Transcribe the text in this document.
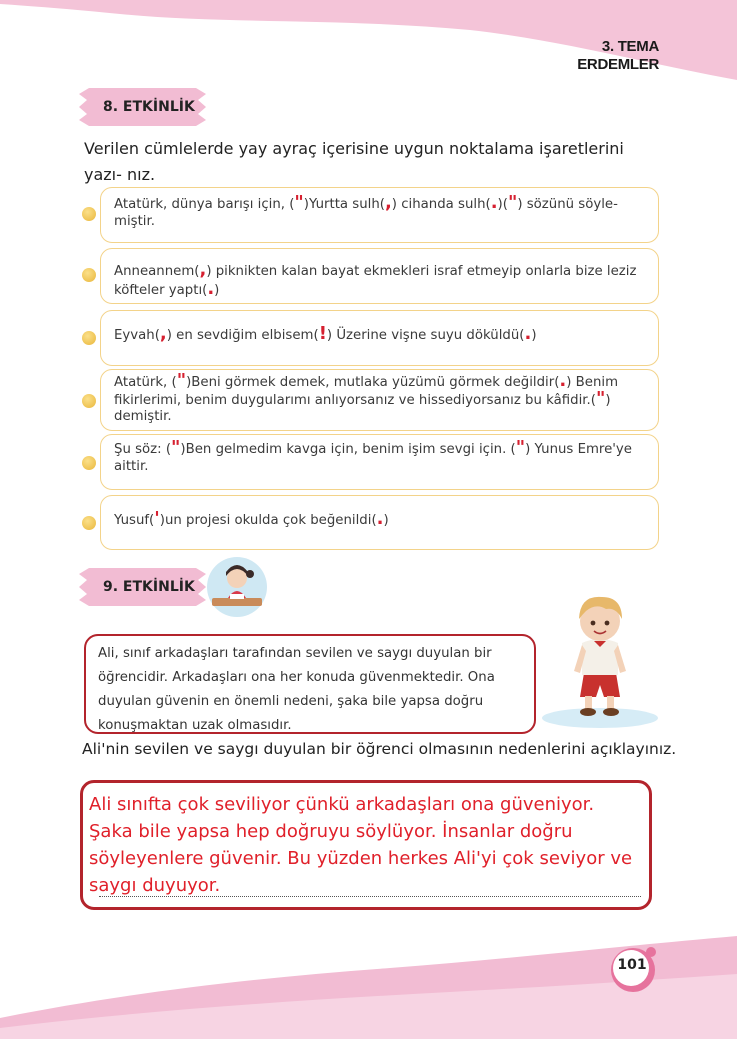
3. TEMA
ERDEMLER
8. ETKİNLİK
Verilen cümlelerde yay ayraç içerisine uygun noktalama işaretlerini yazı- nız.
Atatürk, dünya barışı için, (")Yurtta sulh(,) cihanda sulh(.)(") sözünü söyle- miştir.
Anneannem(,) piknikten kalan bayat ekmekleri israf etmeyip onlarla bize leziz köfteler yaptı(.)
Eyvah(,) en sevdiğim elbisem(!) Üzerine vişne suyu döküldü(.)
Atatürk, (")Beni görmek demek, mutlaka yüzümü görmek değildir(.) Benim fikirlerimi, benim duygularımı anlıyorsanız ve hissediyorsanız bu kâfidir.(") demiştir.
Şu söz: (")Ben gelmedim kavga için, benim işim sevgi için. (") Yunus Emre'ye aittir.
Yusuf(')un projesi okulda çok beğenildi(.)
9. ETKİNLİK
Ali, sınıf arkadaşları tarafından sevilen ve saygı duyulan bir öğrencidir. Arkadaşları ona her konuda güvenmektedir. Ona duyulan güvenin en önemli nedeni, şaka bile yapsa doğru konuşmaktan uzak olmasıdır.
Ali'nin sevilen ve saygı duyulan bir öğrenci olmasının nedenlerini açıklayınız.
Ali sınıfta çok seviliyor çünkü arkadaşları ona güveniyor. Şaka bile yapsa hep doğruyu söylüyor. İnsanlar doğru söyleyenlere güvenir. Bu yüzden herkes Ali'yi çok seviyor ve saygı duyuyor.
101
